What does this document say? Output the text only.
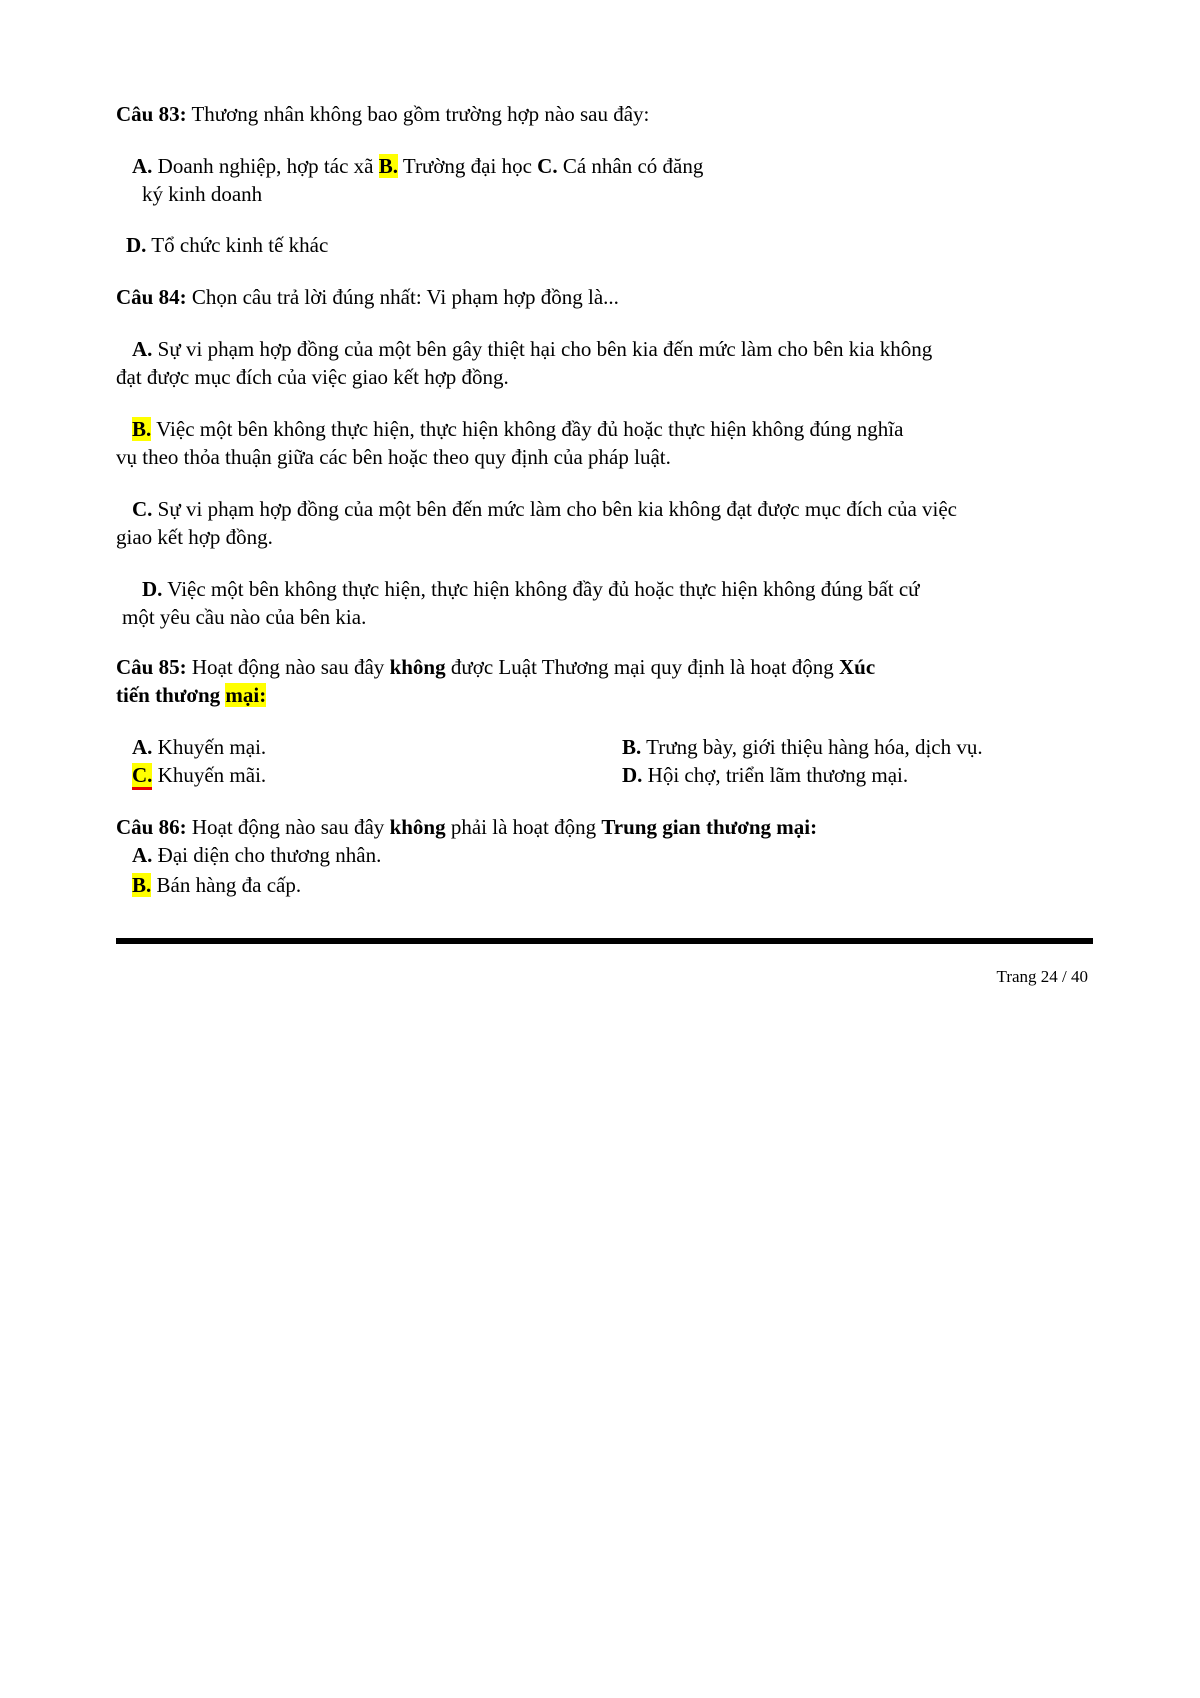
Câu 83: Thương nhân không bao gồm trường hợp nào sau đây:
A. Doanh nghiệp, hợp tác xã B. Trường đại học C. Cá nhân có đăng
ký kinh doanh
D. Tổ chức kinh tế khác
Câu 84: Chọn câu trả lời đúng nhất: Vi phạm hợp đồng là...
A. Sự vi phạm hợp đồng của một bên gây thiệt hại cho bên kia đến mức làm cho bên kia không
đạt được mục đích của việc giao kết hợp đồng.
B. Việc một bên không thực hiện, thực hiện không đầy đủ hoặc thực hiện không đúng nghĩa
vụ theo thỏa thuận giữa các bên hoặc theo quy định của pháp luật.
C. Sự vi phạm hợp đồng của một bên đến mức làm cho bên kia không đạt được mục đích của việc
giao kết hợp đồng.
D. Việc một bên không thực hiện, thực hiện không đầy đủ hoặc thực hiện không đúng bất cứ
một yêu cầu nào của bên kia.
Câu 85: Hoạt động nào sau đây không được Luật Thương mại quy định là hoạt động Xúc
tiến thương mại:
A. Khuyến mại.	B. Trưng bày, giới thiệu hàng hóa, dịch vụ.
C. Khuyến mãi.	D. Hội chợ, triển lãm thương mại.
Câu 86: Hoạt động nào sau đây không phải là hoạt động Trung gian thương mại:
A. Đại diện cho thương nhân.
B. Bán hàng đa cấp.
Trang 24 / 40
